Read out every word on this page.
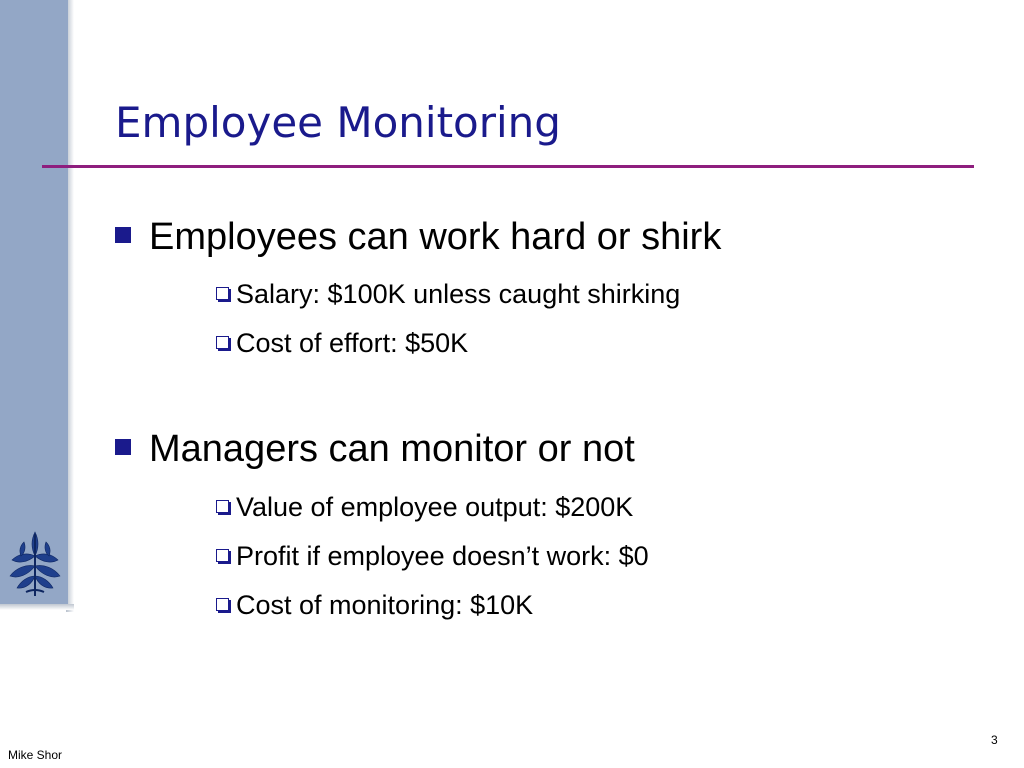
Employee Monitoring
Employees can work hard or shirk
Salary: $100K unless caught shirking
Cost of effort: $50K
Managers can monitor or not
Value of employee output: $200K
Profit if employee doesn’t work: $0
Cost of monitoring: $10K
Mike Shor
3
